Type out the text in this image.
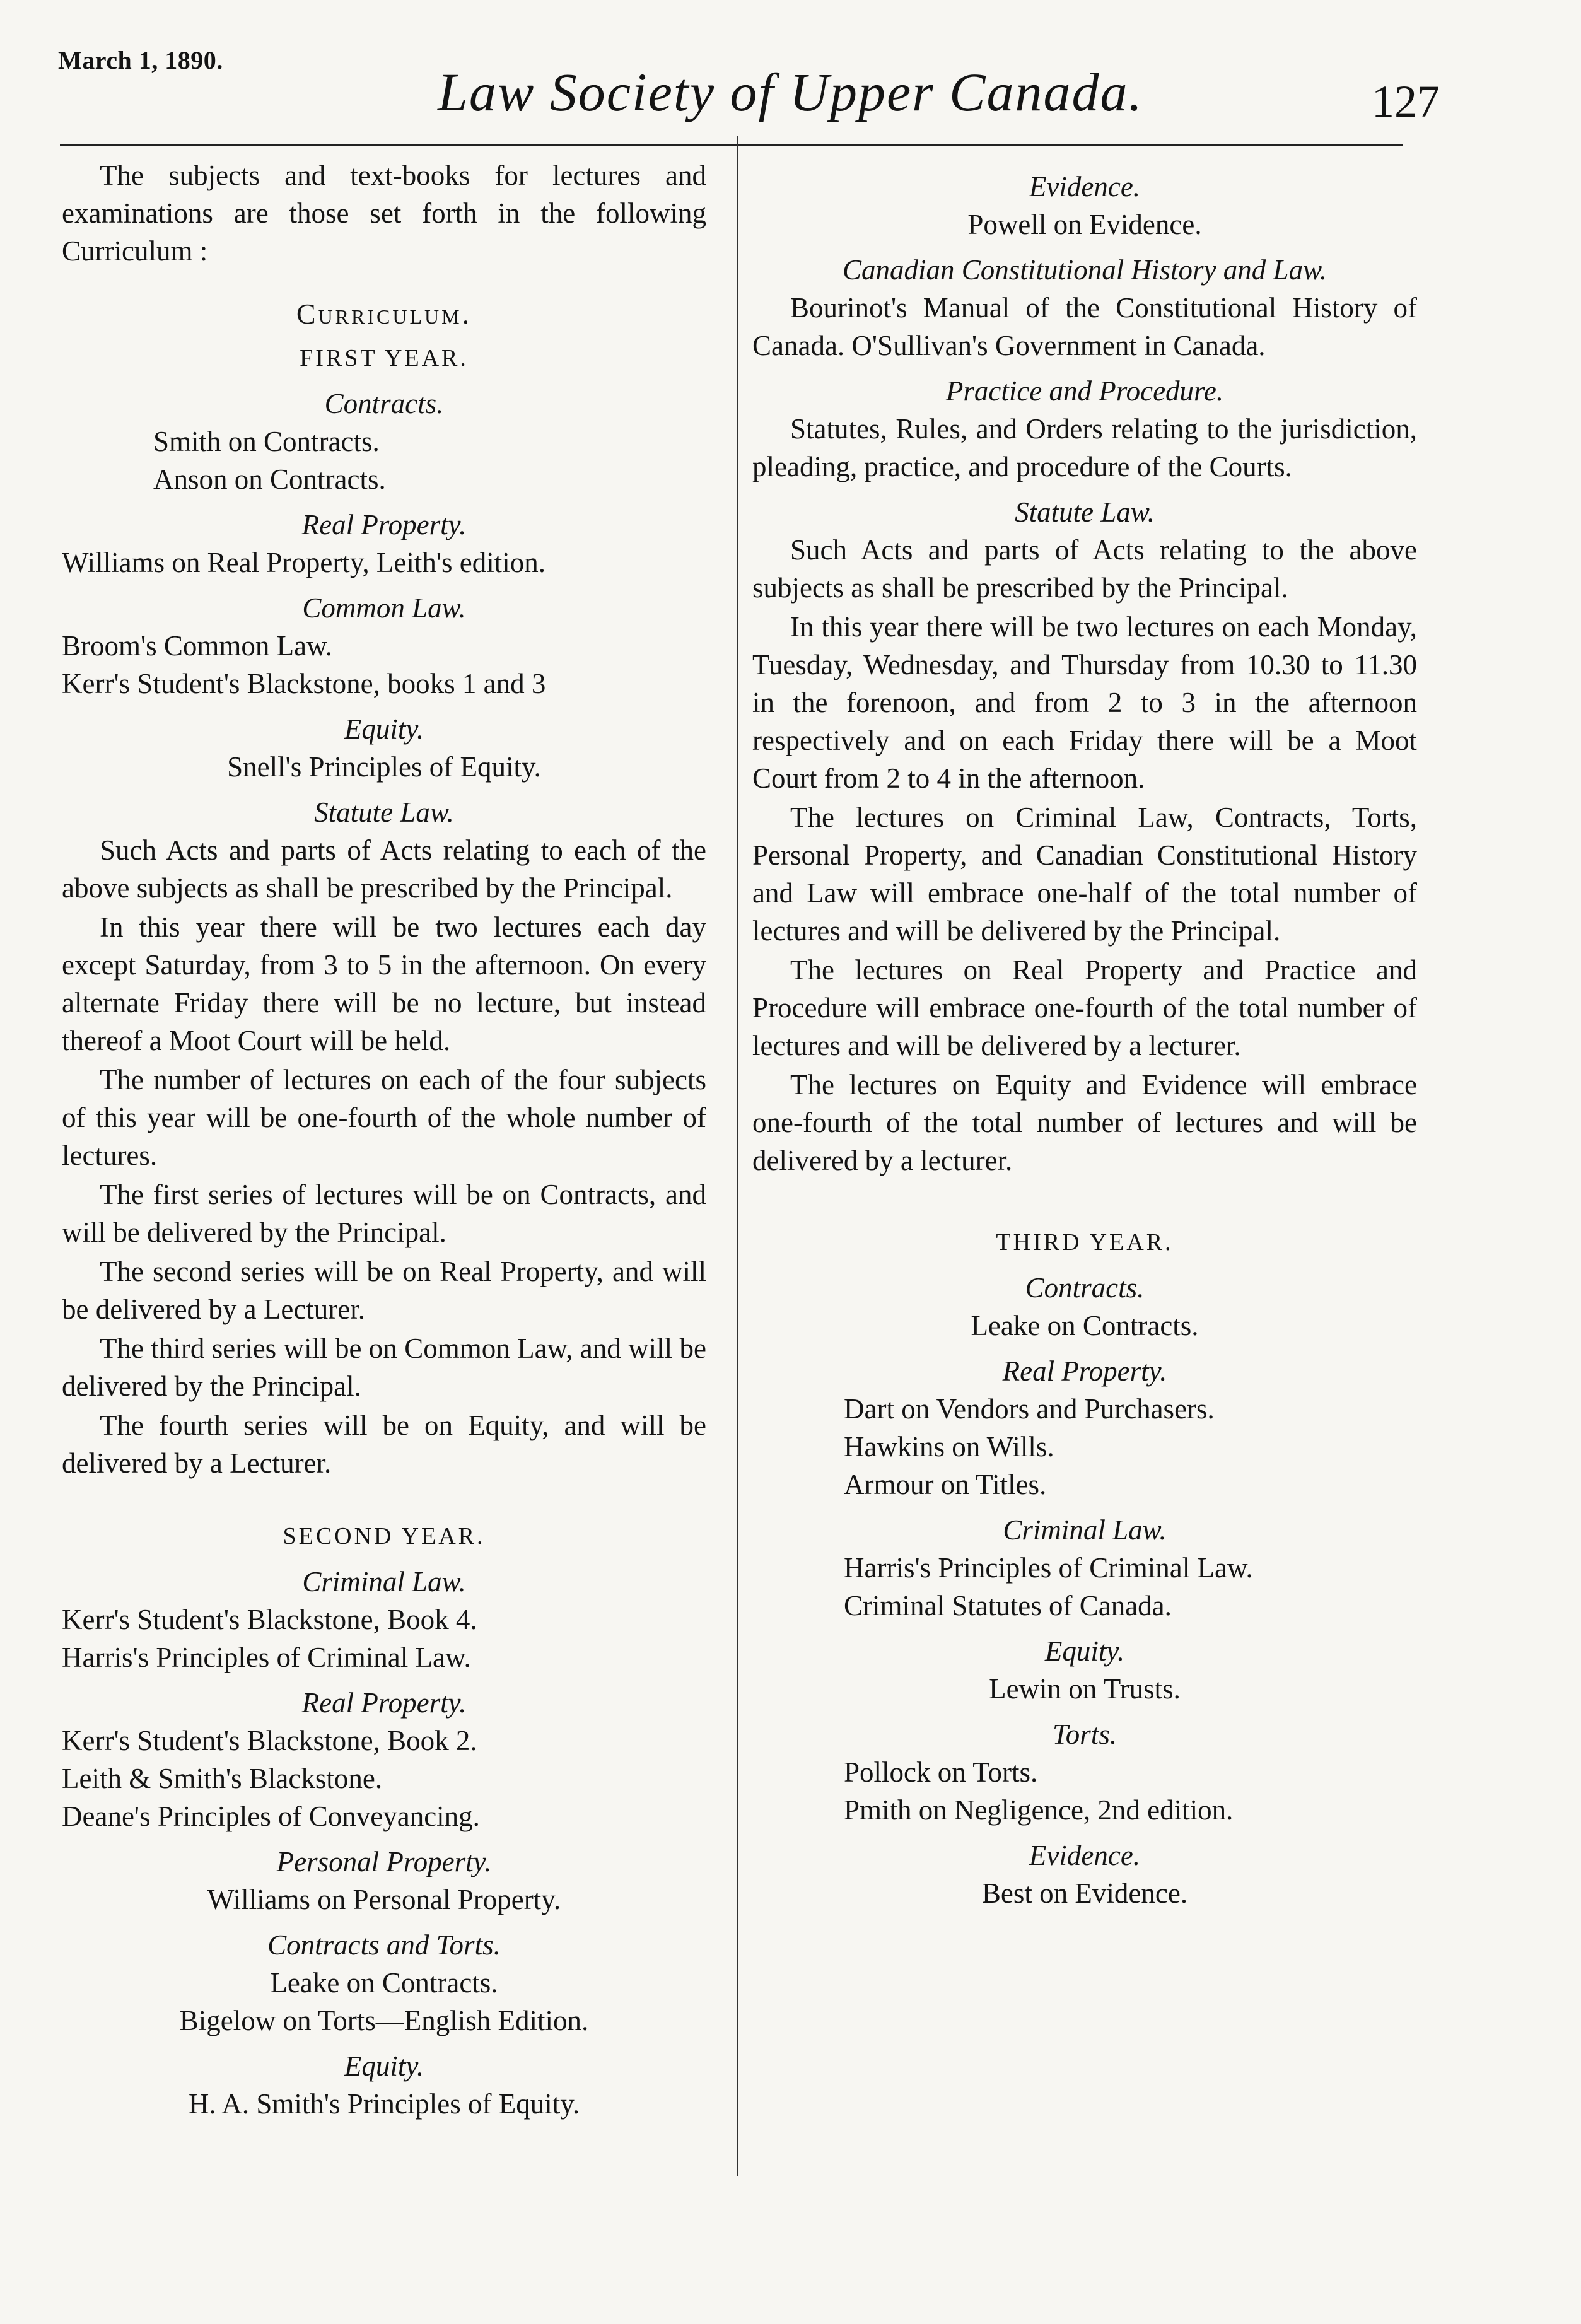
March 1, 1890.
Law Society of Upper Canada.	127

The subjects and text-books for lectures and examinations are those set forth in the following Curriculum :

Curriculum.

FIRST YEAR.

Contracts.

Smith on Contracts.

Anson on Contracts.

Real Property.

Williams on Real Property, Leith's edition.

Common Law.

Broom's Common Law.

Kerr's Student's Blackstone, books 1 and 3

Equity.

Snell's Principles of Equity.

Statute Law.

Such Acts and parts of Acts relating to each of the above subjects as shall be prescribed by the Principal.

In this year there will be two lectures each day except Saturday, from 3 to 5 in the afternoon. On every alternate Friday there will be no lecture, but instead thereof a Moot Court will be held.

The number of lectures on each of the four subjects of this year will be one-fourth of the whole number of lectures.

The first series of lectures will be on Contracts, and will be delivered by the Principal.

The second series will be on Real Property, and will be delivered by a Lecturer.

The third series will be on Common Law, and will be delivered by the Principal.

The fourth series will be on Equity, and will be delivered by a Lecturer.

SECOND YEAR.

Criminal Law.

Kerr's Student's Blackstone, Book 4.

Harris's Principles of Criminal Law.

Real Property.

Kerr's Student's Blackstone, Book 2.

Leith & Smith's Blackstone.

Deane's Principles of Conveyancing.

Personal Property.

Williams on Personal Property.

Contracts and Torts.

Leake on Contracts.

Bigelow on Torts—English Edition.

Equity.

H. A. Smith's Principles of Equity.

Evidence.

Powell on Evidence.

Canadian Constitutional History and Law.

Bourinot's Manual of the Constitutional History of Canada. O'Sullivan's Government in Canada.

Practice and Procedure.

Statutes, Rules, and Orders relating to the jurisdiction, pleading, practice, and procedure of the Courts.

Statute Law.

Such Acts and parts of Acts relating to the above subjects as shall be prescribed by the Principal.

In this year there will be two lectures on each Monday, Tuesday, Wednesday, and Thursday from 10.30 to 11.30 in the forenoon, and from 2 to 3 in the afternoon respectively and on each Friday there will be a Moot Court from 2 to 4 in the afternoon.

The lectures on Criminal Law, Contracts, Torts, Personal Property, and Canadian Constitutional History and Law will embrace one-half of the total number of lectures and will be delivered by the Principal.

The lectures on Real Property and Practice and Procedure will embrace one-fourth of the total number of lectures and will be delivered by a lecturer.

The lectures on Equity and Evidence will embrace one-fourth of the total number of lectures and will be delivered by a lecturer.

THIRD YEAR.

Contracts.

Leake on Contracts.

Real Property.

Dart on Vendors and Purchasers.

Hawkins on Wills.

Armour on Titles.

Criminal Law.

Harris's Principles of Criminal Law.

Criminal Statutes of Canada.

Equity.

Lewin on Trusts.

Torts.

Pollock on Torts.

Pmith on Negligence, 2nd edition.

Evidence.

Best on Evidence.
